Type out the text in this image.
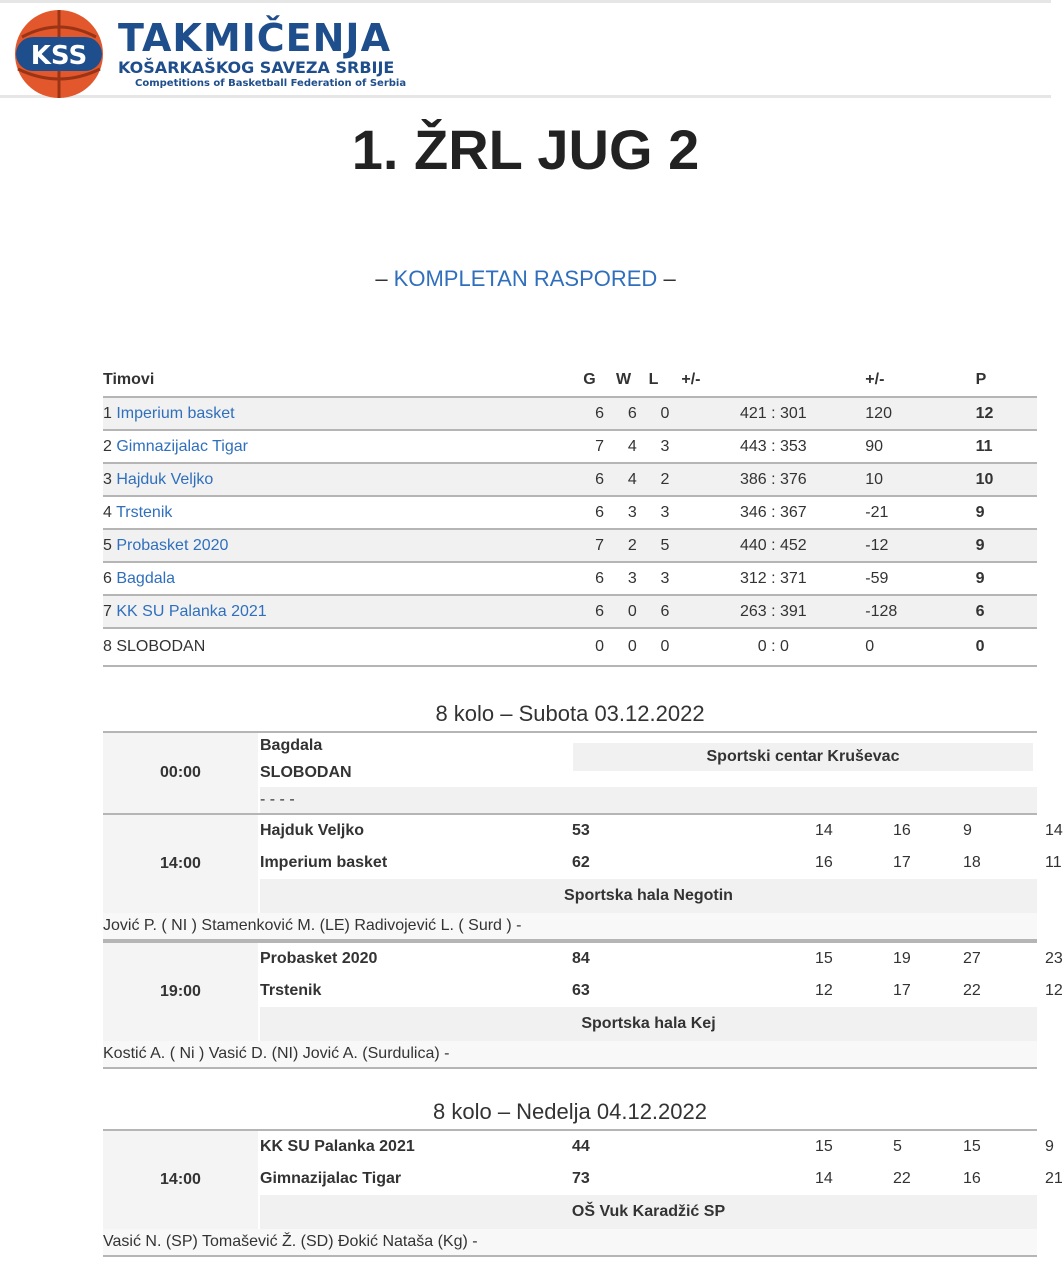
KSS TAKMIČENJA
KOŠARKAŠKOG SAVEZA SRBIJE
Competitions of Basketball Federation of Serbia
1. ŽRL JUG 2
– KOMPLETAN RASPORED –
Timovi	G	W	L	+/-	+/-	P
1 Imperium basket	6	6	0	421 : 301	120	12
2 Gimnazijalac Tigar	7	4	3	443 : 353	90	11
3 Hajduk Veljko	6	4	2	386 : 376	10	10
4 Trstenik	6	3	3	346 : 367	-21	9
5 Probasket 2020	7	2	5	440 : 452	-12	9
6 Bagdala	6	3	3	312 : 371	-59	9
7 KK SU Palanka 2021	6	0	6	263 : 391	-128	6
8 SLOBODAN	0	0	0	0 : 0	0	0
8 kolo – Subota 03.12.2022
00:00
Bagdala
SLOBODAN
- - - -
Sportski centar Kruševac
14:00
Hajduk Veljko	53	14	16	9	14
Imperium basket	62	16	17	18	11
Sportska hala Negotin
Jović P. ( NI ) Stamenković M. (LE) Radivojević L. ( Surd ) -
19:00
Probasket 2020	84	15	19	27	23
Trstenik	63	12	17	22	12
Sportska hala Kej
Kostić A. ( Ni ) Vasić D. (NI) Jović A. (Surdulica) -
14:00
KK SU Palanka 2021	44	15	5	15	9
Gimnazijalac Tigar	73	14	22	16	21
OŠ Vuk Karadžić SP
Vasić N. (SP) Tomašević Ž. (SD) Đokić Nataša (Kg) -
8 kolo – Nedelja 04.12.2022
